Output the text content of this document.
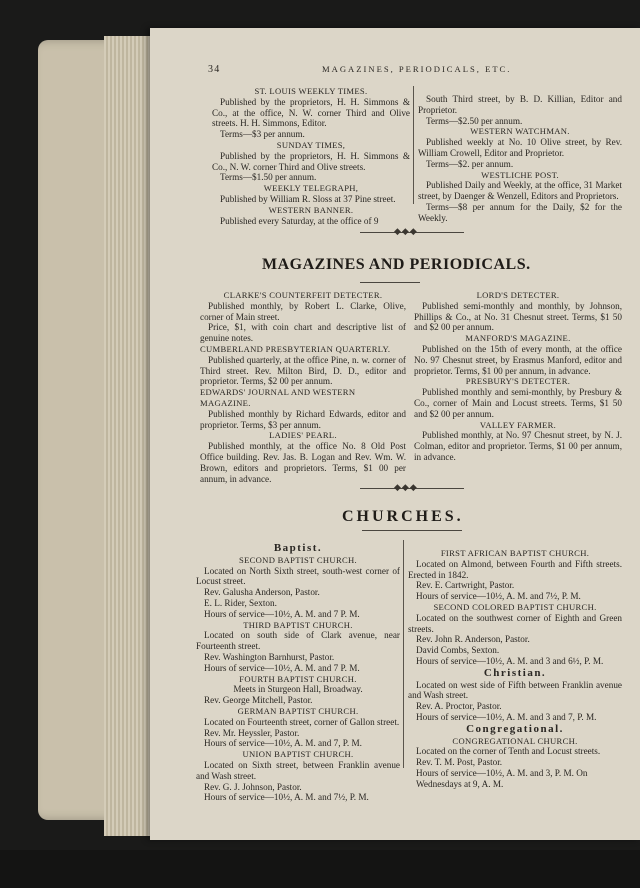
34	MAGAZINES, PERIODICALS, ETC.
ST. LOUIS WEEKLY TIMES.
Published by the proprietors, H. H. Simmons & Co., at the office, N. W. corner Third and Olive streets. H. H. Simmons, Editor.
Terms—$3 per annum.
SUNDAY TIMES,
Published by the proprietors, H. H. Simmons & Co., N. W. corner Third and Olive streets.
Terms—$1.50 per annum.
WEEKLY TELEGRAPH,
Published by William R. Sloss at 37 Pine street.
WESTERN BANNER.
Published every Saturday, at the office of 9
South Third street, by B. D. Killian, Editor and Proprietor.
Terms—$2.50 per annum.
WESTERN WATCHMAN.
Published weekly at No. 10 Olive street, by Rev. William Crowell, Editor and Proprietor.
Terms—$2. per annum.
WESTLICHE POST.
Published Daily and Weekly, at the office, 31 Market street, by Daenger & Wenzell, Editors and Proprietors.
Terms—$8 per annum for the Daily, $2 for the Weekly.
◆◆◆
MAGAZINES AND PERIODICALS.
CLARKE'S COUNTERFEIT DETECTER.
Published monthly, by Robert L. Clarke, Olive, corner of Main street.
Price, $1, with coin chart and descriptive list of genuine notes.
CUMBERLAND PRESBYTERIAN QUARTERLY.
Published quarterly, at the office Pine, n. w. corner of Third street. Rev. Milton Bird, D. D., editor and proprietor. Terms, $2 00 per annum.
EDWARDS' JOURNAL AND WESTERN MAGAZINE.
Published monthly by Richard Edwards, editor and proprietor. Terms, $3 per annum.
LADIES' PEARL.
Published monthly, at the office No. 8 Old Post Office building. Rev. Jas. B. Logan and Rev. Wm. W. Brown, editors and proprietors. Terms, $1 00 per annum, in advance.
LORD'S DETECTER.
Published semi-monthly and monthly, by Johnson, Phillips & Co., at No. 31 Chesnut street. Terms, $1 50 and $2 00 per annum.
MANFORD'S MAGAZINE.
Published on the 15th of every month, at the office No. 97 Chesnut street, by Erasmus Manford, editor and proprietor. Terms, $1 00 per annum, in advance.
PRESBURY'S DETECTER.
Published monthly and semi-monthly, by Presbury & Co., corner of Main and Locust streets. Terms, $1 50 and $2 00 per annum.
VALLEY FARMER.
Published monthly, at No. 97 Chesnut street, by N. J. Colman, editor and proprietor. Terms, $1 00 per annum, in advance.
◆◆◆
CHURCHES.
Baptist.
SECOND BAPTIST CHURCH.
Located on North Sixth street, south-west corner of Locust street.
Rev. Galusha Anderson, Pastor.
E. L. Rider, Sexton.
Hours of service—10½, A. M. and 7 P. M.
THIRD BAPTIST CHURCH.
Located on south side of Clark avenue, near Fourteenth street.
Rev. Washington Barnhurst, Pastor.
Hours of service—10½, A. M. and 7 P. M.
FOURTH BAPTIST CHURCH.
Meets in Sturgeon Hall, Broadway.
Rev. George Mitchell, Pastor.
GERMAN BAPTIST CHURCH.
Located on Fourteenth street, corner of Gallon street.
Rev. Mr. Heyssler, Pastor.
Hours of service—10½, A. M. and 7, P. M.
UNION BAPTIST CHURCH.
Located on Sixth street, between Franklin avenue and Wash street.
Rev. G. J. Johnson, Pastor.
Hours of service—10½, A. M. and 7½, P. M.
FIRST AFRICAN BAPTIST CHURCH.
Located on Almond, between Fourth and Fifth streets. Erected in 1842.
Rev. E. Cartwright, Pastor.
Hours of service—10½, A. M. and 7½, P. M.
SECOND COLORED BAPTIST CHURCH.
Located on the southwest corner of Eighth and Green streets.
Rev. John R. Anderson, Pastor.
David Combs, Sexton.
Hours of service—10½, A. M. and 3 and 6½, P. M.
Christian.
Located on west side of Fifth between Franklin avenue and Wash street.
Rev. A. Proctor, Pastor.
Hours of service—10½, A. M. and 3 and 7, P. M.
Congregational.
CONGREGATIONAL CHURCH.
Located on the corner of Tenth and Locust streets.
Rev. T. M. Post, Pastor.
Hours of service—10½, A. M. and 3, P. M. On Wednesdays at 9, A. M.
